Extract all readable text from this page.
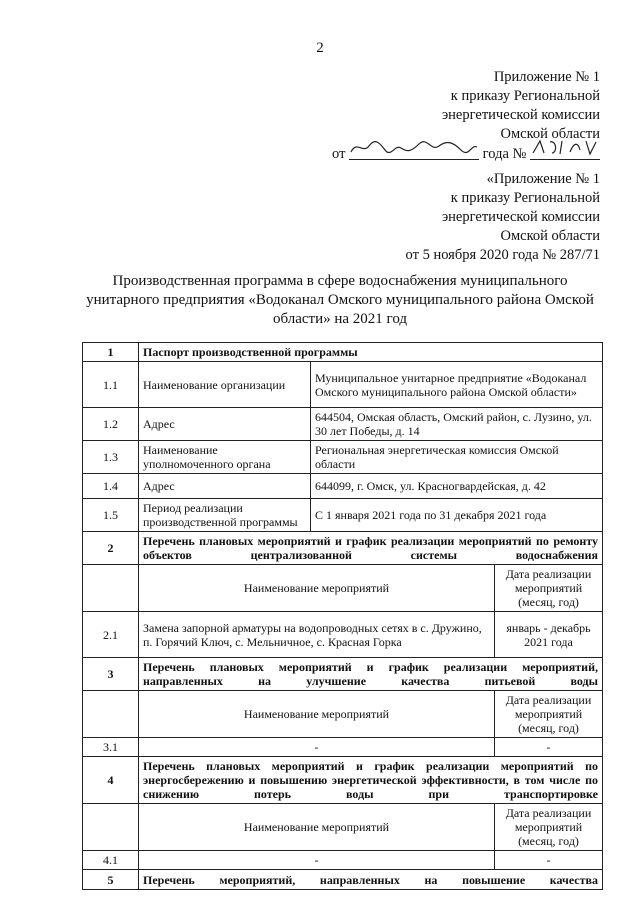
2
Приложение № 1
к приказу Региональной
энергетической комиссии
Омской области
от	года №
«Приложение № 1
к приказу Региональной
энергетической комиссии
Омской области
от 5 ноября 2020 года № 287/71
Производственная программа в сфере водоснабжения муниципального
унитарного предприятия «Водоканал Омского муниципального района Омской
области» на 2021 год
1	Паспорт производственной программы		
1.1	Наименование организации	Муниципальное унитарное предприятие «Водоканал Омского муниципального района Омской области»	
1.2	Адрес	644504, Омская область, Омский район, с. Лузино, ул. 30 лет Победы, д. 14	
1.3	Наименование уполномоченного органа	Региональная энергетическая комиссия Омской области	
1.4	Адрес	644099, г. Омск, ул. Красногвардейская, д. 42	
1.5	Период реализации производственной программы	С 1 января 2021 года по 31 декабря 2021 года	
2	Перечень плановых мероприятий и график реализации мероприятий по ремонту объектов централизованной системы водоснабжения		

	Наименование мероприятий		Дата реализации мероприятий (месяц, год)
2.1	Замена запорной арматуры на водопроводных сетях в с. Дружино, п. Горячий Ключ, с. Мельничное, с. Красная Горка		январь - декабрь 2021 года
3	Перечень плановых мероприятий и график реализации мероприятий, направленных на улучшение качества питьевой воды		

	Наименование мероприятий		Дата реализации мероприятий (месяц, год)
3.1	-		-
4	Перечень плановых мероприятий и график реализации мероприятий по энергосбережению и повышению энергетической эффективности, в том числе по снижению потерь воды при транспортировке		

	Наименование мероприятий		Дата реализации мероприятий (месяц, год)
4.1	-		-
5	Перечень мероприятий, направленных на повышение качества		
